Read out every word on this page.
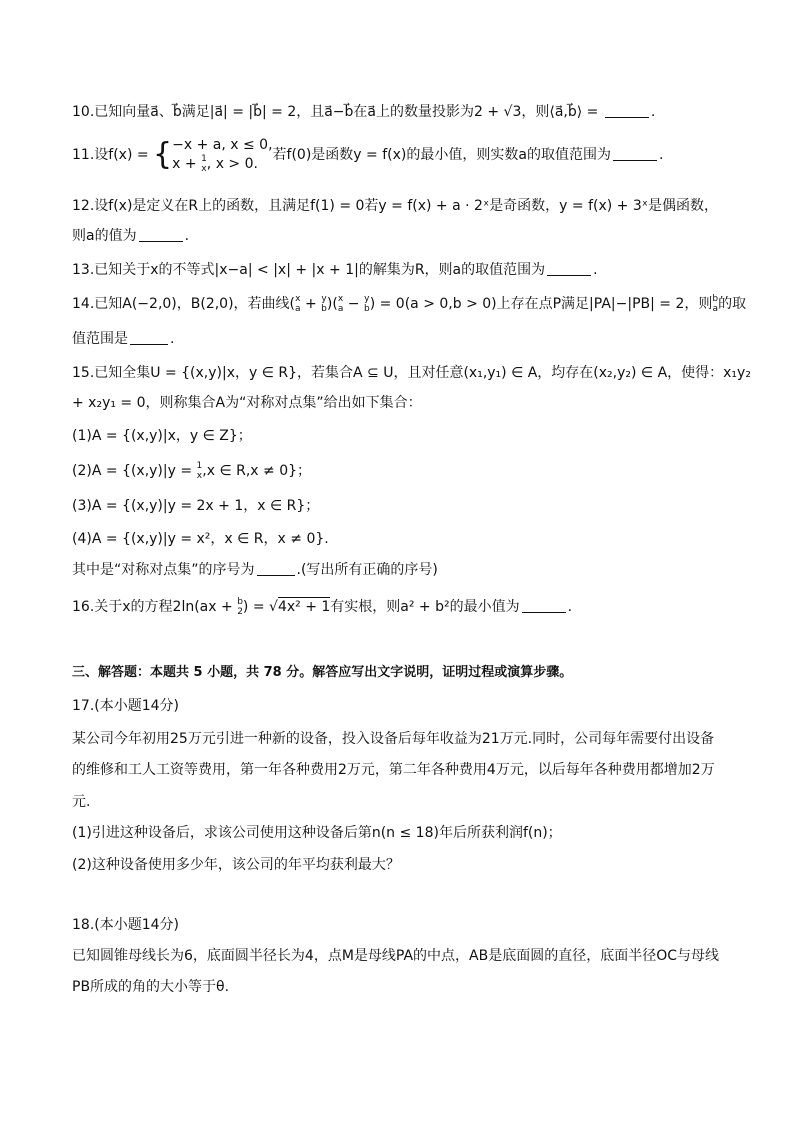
10.已知向量a⃗、b⃗满足|a⃗| = |b⃗| = 2，且a⃗−b⃗在a⃗上的数量投影为2 + √3，则⟨a⃗,b⃗⟩ =	.
11.设f(x) = { −x + a, x ≤ 0,
x + 1
x , x > 0.
若f(0)是函数y = f(x)的最小值，则实数a的取值范围为	.
12.设f(x)是定义在R上的函数，且满足f(1) = 0若y = f(x) + a · 2ˣ是奇函数，y = f(x) + 3ˣ是偶函数，
则a的值为	.
13.已知关于x的不等式|x−a| < |x| + |x + 1|的解集为R，则a的取值范围为	.
14.已知A(−2,0)，B(2,0)，若曲线( x
a + y
b )( x
a − y
b ) = 0(a > 0,b > 0)上存在点P满足|PA|−|PB| = 2，则 b
a 的取
值范围是	.
15.已知全集U = {(x,y)|x，y ∈ R}，若集合A ⊆ U，且对任意(x₁,y₁) ∈ A，均存在(x₂,y₂) ∈ A，使得：x₁y₂
+ x₂y₁ = 0，则称集合A为“对称对点集”给出如下集合：
(1)A = {(x,y)|x，y ∈ Z}；
(2)A = {(x,y)|y = 1
x ,x ∈ R,x ≠ 0}；
(3)A = {(x,y)|y = 2x + 1，x ∈ R}；
(4)A = {(x,y)|y = x²，x ∈ R，x ≠ 0}.
其中是“对称对点集”的序号为	.(写出所有正确的序号)
16.关于x的方程2ln(ax + b
2 ) = √4x² + 1有实根，则a² + b²的最小值为	.
三、解答题：本题共 5 小题，共 78 分。解答应写出文字说明，证明过程或演算步骤。
17.(本小题14分)
某公司今年初用25万元引进一种新的设备，投入设备后每年收益为21万元.同时，公司每年需要付出设备
的维修和工人工资等费用，第一年各种费用2万元，第二年各种费用4万元，以后每年各种费用都增加2万
元.
(1)引进这种设备后，求该公司使用这种设备后第n(n ≤ 18)年后所获利润f(n)；
(2)这种设备使用多少年，该公司的年平均获利最大？
18.(本小题14分)
已知圆锥母线长为6，底面圆半径长为4，点M是母线PA的中点，AB是底面圆的直径，底面半径OC与母线
PB所成的角的大小等于θ.
